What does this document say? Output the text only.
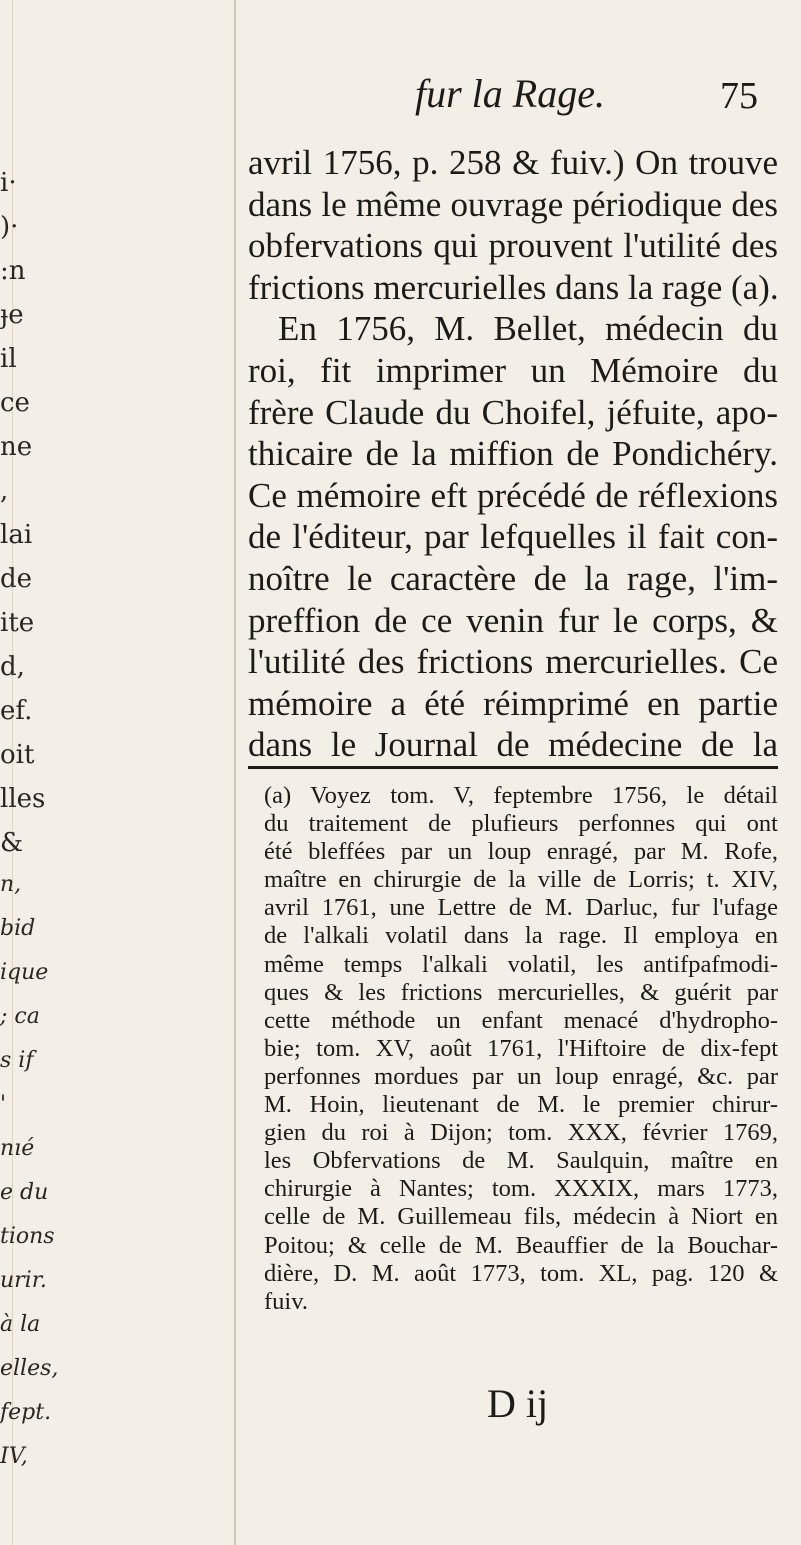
i·
)·
:n
ɟe
il
ce
ne
,
lai
de
ite
d,
ef.
oit
lles
&
n,
bid
ique
; ca
s if
'
nıé
e du
tions
urir.
à la
elles,
fept.
IV,
fur la Rage.	75
avril 1756, p. 258 & fuiv.) On trouve
dans le même ouvrage périodique des
obfervations qui prouvent l'utilité des
frictions mercurielles dans la rage (a).
En 1756, M. Bellet, médecin du
roi, fit imprimer un Mémoire du
frère Claude du Choifel, jéfuite, apo-
thicaire de la miffion de Pondichéry.
Ce mémoire eft précédé de réflexions
de l'éditeur, par lefquelles il fait con-
noître le caractère de la rage, l'im-
preffion de ce venin fur le corps, &
l'utilité des frictions mercurielles. Ce
mémoire a été réimprimé en partie
dans le Journal de médecine de la
(a) Voyez tom. V, feptembre 1756, le détail
du traitement de plufieurs perfonnes qui ont
été bleffées par un loup enragé, par M. Rofe,
maître en chirurgie de la ville de Lorris; t. XIV,
avril 1761, une Lettre de M. Darluc, fur l'ufage
de l'alkali volatil dans la rage. Il employa en
même temps l'alkali volatil, les antifpafmodi-
ques & les frictions mercurielles, & guérit par
cette méthode un enfant menacé d'hydropho-
bie; tom. XV, août 1761, l'Hiftoire de dix-fept
perfonnes mordues par un loup enragé, &c. par
M. Hoin, lieutenant de M. le premier chirur-
gien du roi à Dijon; tom. XXX, février 1769,
les Obfervations de M. Saulquin, maître en
chirurgie à Nantes; tom. XXXIX, mars 1773,
celle de M. Guillemeau fils, médecin à Niort en
Poitou; & celle de M. Beauffier de la Bouchar-
dière, D. M. août 1773, tom. XL, pag. 120 &
fuiv.
D ij
